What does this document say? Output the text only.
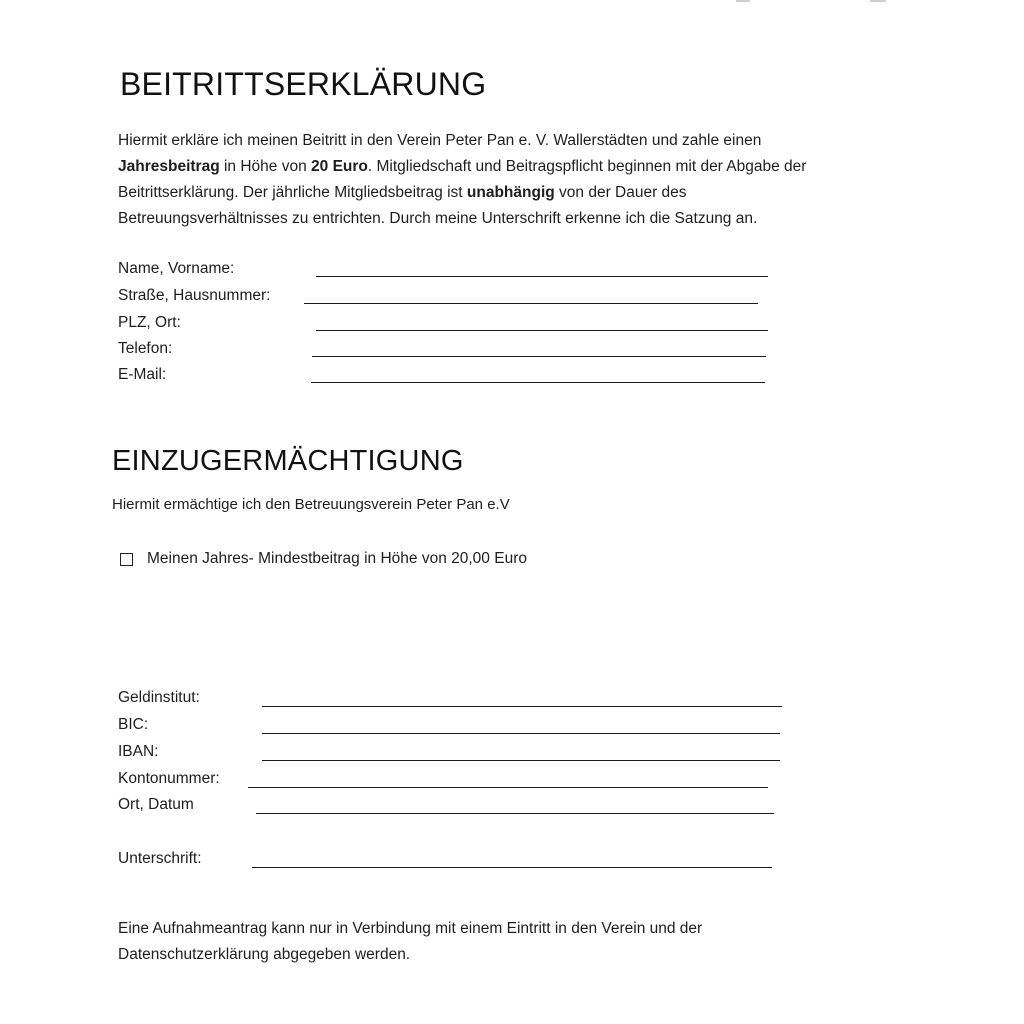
BEITRITTSERKLÄRUNG

Hiermit erkläre ich meinen Beitritt in den Verein Peter Pan e. V. Wallerstädten und zahle einen
Jahresbeitrag in Höhe von 20 Euro. Mitgliedschaft und Beitragspflicht beginnen mit der Abgabe der
Beitrittserklärung. Der jährliche Mitgliedsbeitrag ist unabhängig von der Dauer des
Betreuungsverhältnisses zu entrichten. Durch meine Unterschrift erkenne ich die Satzung an.

Name, Vorname:
Straße, Hausnummer:
PLZ, Ort:
Telefon:
E-Mail:
EINZUGERMÄCHTIGUNG

Hiermit ermächtige ich den Betreuungsverein Peter Pan e.V

Meinen Jahres- Mindestbeitrag in Höhe von 20,00 Euro
Geldinstitut:
BIC:
IBAN:
Kontonummer:
Ort, Datum
Unterschrift:

Eine Aufnahmeantrag kann nur in Verbindung mit einem Eintritt in den Verein und der
Datenschutzerklärung abgegeben werden.
